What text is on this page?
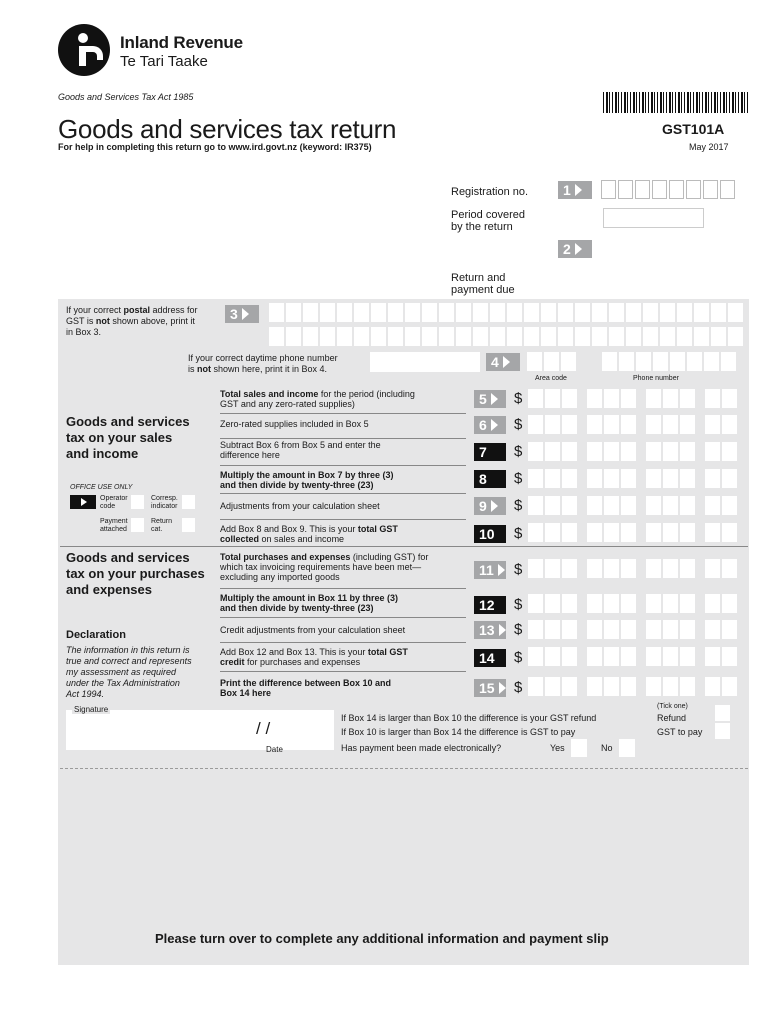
Inland Revenue
Te Tari Taake
Goods and Services Tax Act 1985
Goods and services tax return
For help in completing this return go to www.ird.govt.nz (keyword: IR375)
GST101A
May 2017
Registration no. 1
Period covered
by the return
2
Return and
payment due
If your correct postal address for
GST is not shown above, print it
in Box 3.
3
If your correct daytime phone number
is not shown here, print it in Box 4.	4
Area code	Phone number
Goods and services
tax on your sales
and income
OFFICE USE ONLY
Operator
code
Corresp.
indicator
Payment
attached
Return
cat.
Total sales and income for the period (including
GST and any zero-rated supplies)	5 $
Zero-rated supplies included in Box 5	6 $
Subtract Box 6 from Box 5 and enter the
difference here	7 $
Multiply the amount in Box 7 by three (3)
and then divide by twenty-three (23)	8 $
Adjustments from your calculation sheet	9 $
Add Box 8 and Box 9. This is your total GST
collected on sales and income	10 $
Goods and services
tax on your purchases
and expenses
Total purchases and expenses (including GST) for
which tax invoicing requirements have been met—
excluding any imported goods	11 $
Multiply the amount in Box 11 by three (3)
and then divide by twenty-three (23)	12 $
Declaration
The information in this return is
true and correct and represents
my assessment as required
under the Tax Administration
Act 1994.
Credit adjustments from your calculation sheet	13 $
Add Box 12 and Box 13. This is your total GST
credit for purchases and expenses	14 $
Print the difference between Box 10 and
Box 14 here	15 $
Signature
/ /
Date
(Tick one)
If Box 14 is larger than Box 10 the difference is your GST refund	Refund
If Box 10 is larger than Box 14 the difference is GST to pay	GST to pay
Has payment been made electronically?	Yes	No
Please turn over to complete any additional information and payment slip
